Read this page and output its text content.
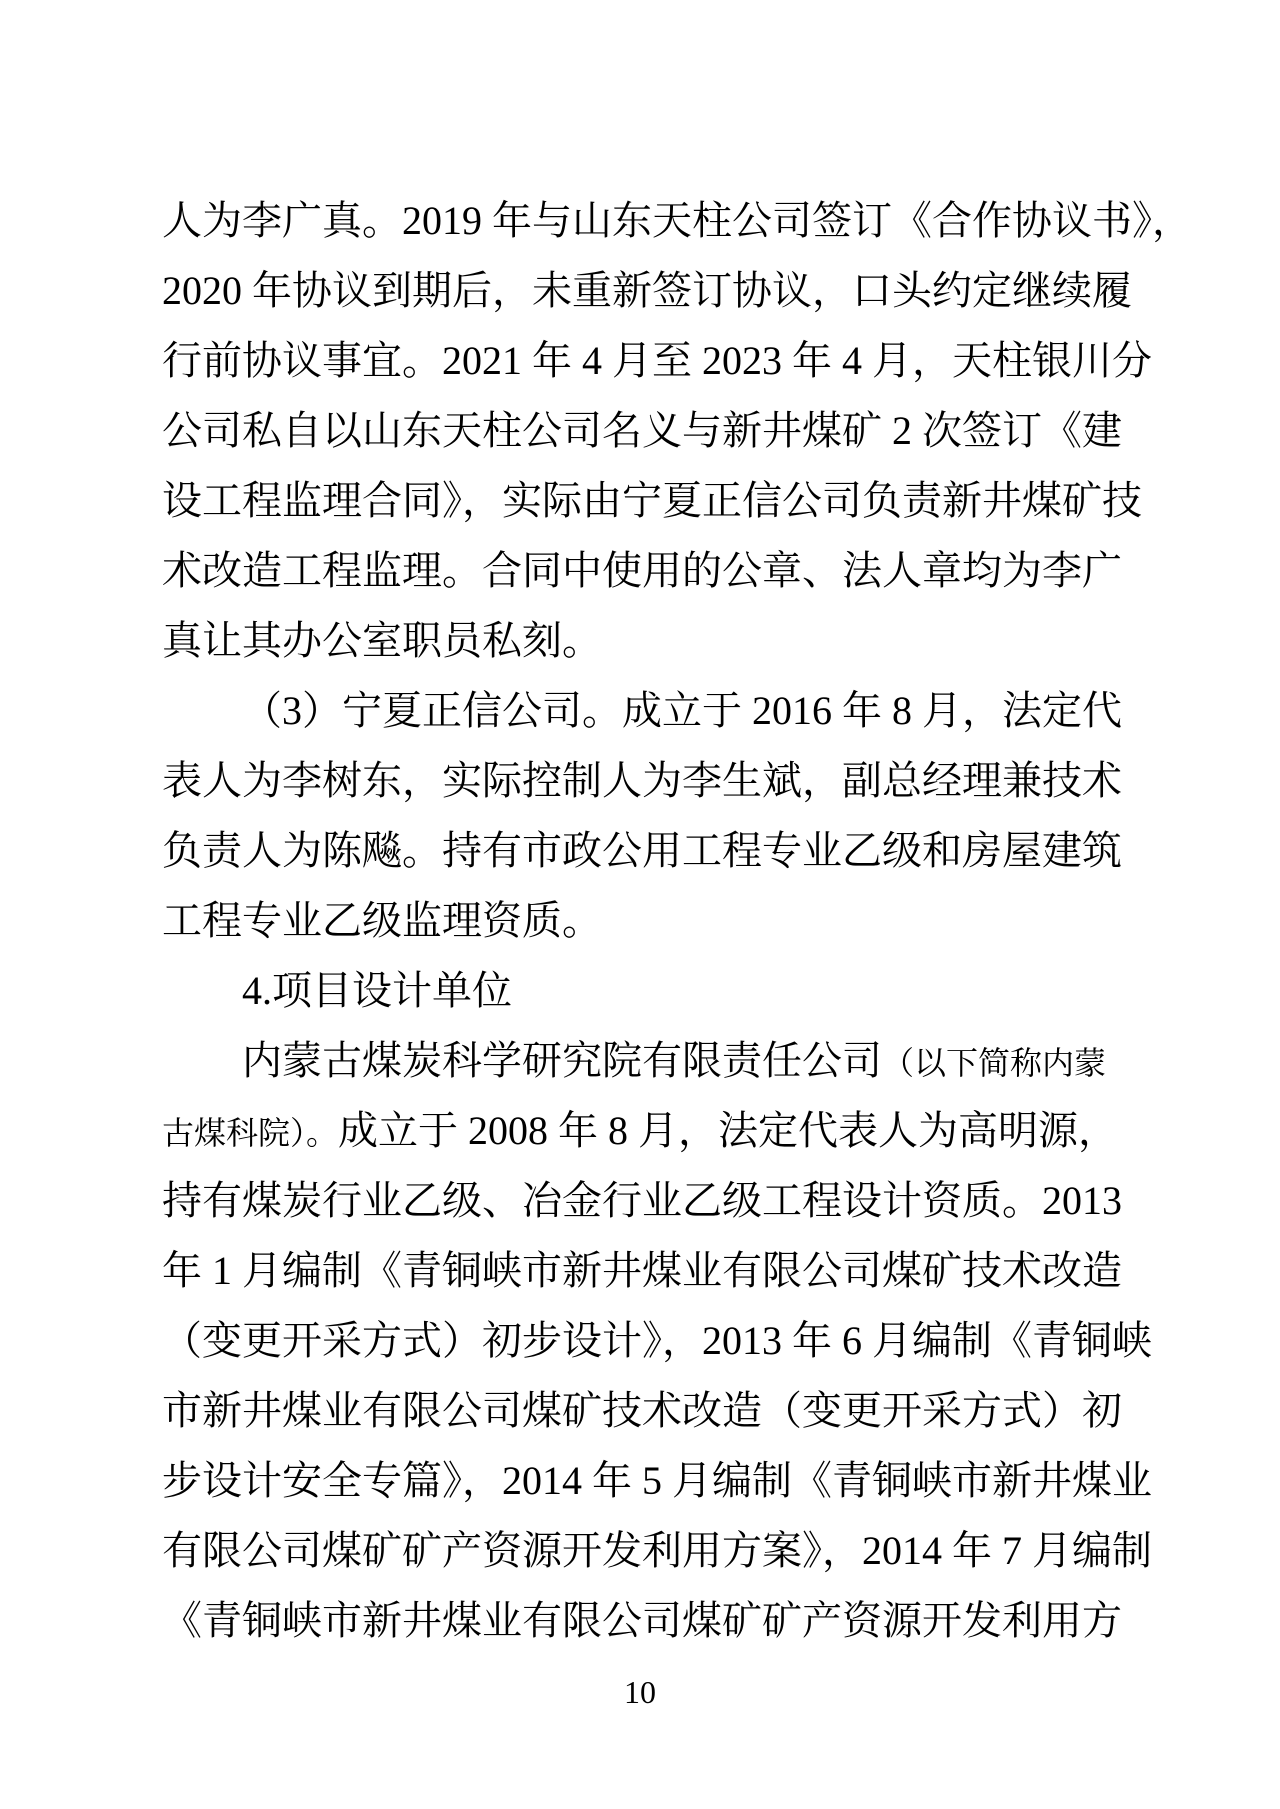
人为李广真。2019 年与山东天柱公司签订《合作协议书》，
2020 年协议到期后，未重新签订协议，口头约定继续履
行前协议事宜。2021 年 4 月至 2023 年 4 月，天柱银川分
公司私自以山东天柱公司名义与新井煤矿 2 次签订《建
设工程监理合同》，实际由宁夏正信公司负责新井煤矿技
术改造工程监理。合同中使用的公章、法人章均为李广
真让其办公室职员私刻。
（3）宁夏正信公司。成立于 2016 年 8 月，法定代
表人为李树东，实际控制人为李生斌，副总经理兼技术
负责人为陈飚。持有市政公用工程专业乙级和房屋建筑
工程专业乙级监理资质。
4.项目设计单位
内蒙古煤炭科学研究院有限责任公司（以下简称内蒙
古煤科院）。成立于 2008 年 8 月，法定代表人为高明源，
持有煤炭行业乙级、冶金行业乙级工程设计资质。2013
年 1 月编制《青铜峡市新井煤业有限公司煤矿技术改造
（变更开采方式）初步设计》，2013 年 6 月编制《青铜峡
市新井煤业有限公司煤矿技术改造（变更开采方式）初
步设计安全专篇》，2014 年 5 月编制《青铜峡市新井煤业
有限公司煤矿矿产资源开发利用方案》，2014 年 7 月编制
《青铜峡市新井煤业有限公司煤矿矿产资源开发利用方
10
